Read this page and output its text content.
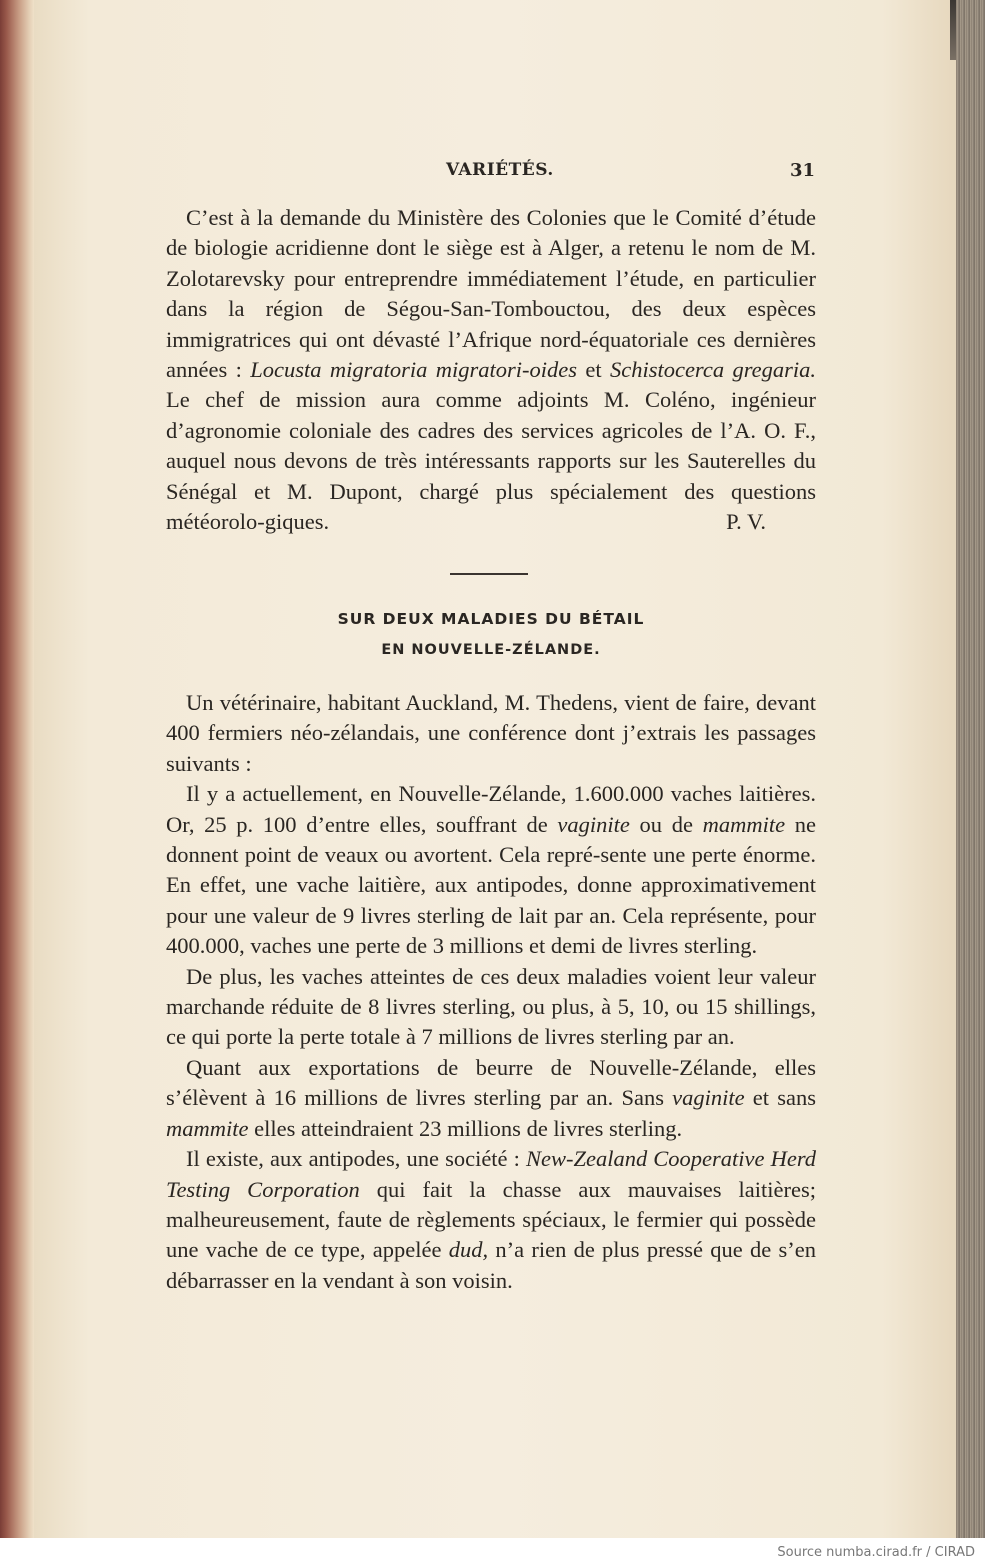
VARIÉTÉS.	31

C’est à la demande du Ministère des Colonies que le Comité d’étude de biologie acridienne dont le siège est à Alger, a retenu le nom de M. Zolotarevsky pour entreprendre immédiatement l’étude, en particulier dans la région de Ségou-San-Tombouctou, des deux espèces immigratrices qui ont dévasté l’Afrique nord-équatoriale ces dernières années : Locusta migratoria migratori-oides et Schistocerca gregaria. Le chef de mission aura comme adjoints M. Coléno, ingénieur d’agronomie coloniale des cadres des services agricoles de l’A. O. F., auquel nous devons de très intéressants rapports sur les Sauterelles du Sénégal et M. Dupont, chargé plus spécialement des questions météorolo-giques.	P. V.
SUR DEUX MALADIES DU BÉTAIL
EN NOUVELLE-ZÉLANDE.

Un vétérinaire, habitant Auckland, M. Thedens, vient de faire, devant 400 fermiers néo-zélandais, une conférence dont j’extrais les passages suivants :

Il y a actuellement, en Nouvelle-Zélande, 1.600.000 vaches laitières. Or, 25 p. 100 d’entre elles, souffrant de vaginite ou de mammite ne donnent point de veaux ou avortent. Cela repré-sente une perte énorme. En effet, une vache laitière, aux antipodes, donne approximativement pour une valeur de 9 livres sterling de lait par an. Cela représente, pour 400.000, vaches une perte de 3 millions et demi de livres sterling.

De plus, les vaches atteintes de ces deux maladies voient leur valeur marchande réduite de 8 livres sterling, ou plus, à 5, 10, ou 15 shillings, ce qui porte la perte totale à 7 millions de livres sterling par an.

Quant aux exportations de beurre de Nouvelle-Zélande, elles s’élèvent à 16 millions de livres sterling par an. Sans vaginite et sans mammite elles atteindraient 23 millions de livres sterling.

Il existe, aux antipodes, une société : New-Zealand Cooperative Herd Testing Corporation qui fait la chasse aux mauvaises laitières; malheureusement, faute de règlements spéciaux, le fermier qui possède une vache de ce type, appelée dud, n’a rien de plus pressé que de s’en débarrasser en la vendant à son voisin.

Source numba.cirad.fr / CIRAD
